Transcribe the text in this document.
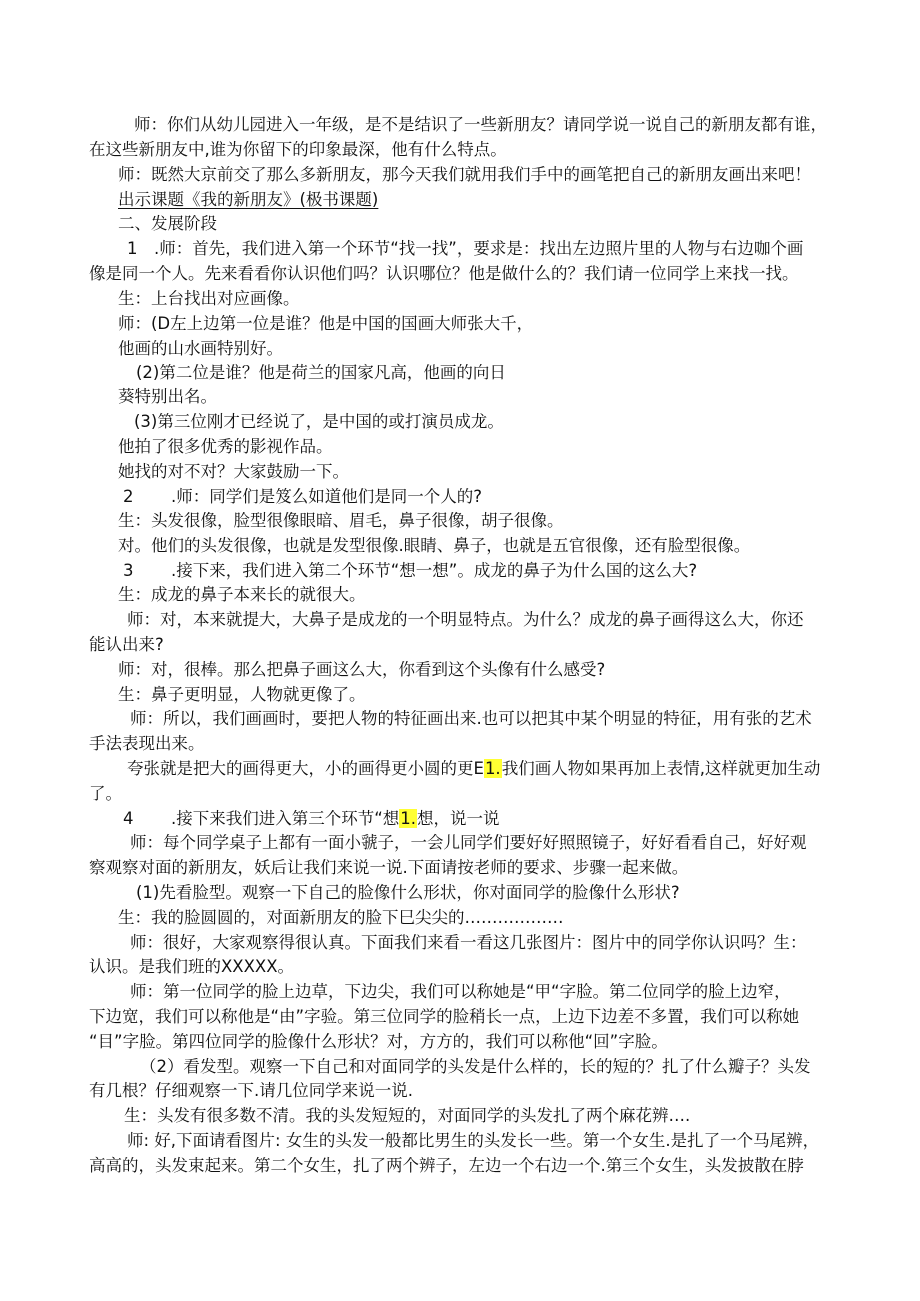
师：你们从幼儿园进入一年级，是不是结识了一些新朋友？请同学说一说自己的新朋友都有谁，
在这些新朋友中,谁为你留下的印象最深，他有什么特点。
师：既然大京前交了那么多新朋友，那今天我们就用我们手中的画笔把自己的新朋友画出来吧！
出示课题《我的新朋友》(极书课题)
二、发展阶段
1　.师：首先，我们进入第一个环节“找一找”，要求是：找出左边照片里的人物与右边咖个画
像是同一个人。先来看看你认识他们吗？认识哪位？他是做什么的？我们请一位同学上来找一找。
生：上台找出对应画像。
师：(D左上边第一位是谁？他是中国的国画大师张大千，
他画的山水画特别好。
(2)第二位是谁？他是荷兰的国家凡高，他画的向日
葵特别出名。
(3)第三位刚才已经说了，是中国的或打演员成龙。
他拍了很多优秀的影视作品。
她找的对不对？大家鼓励一下。
2 .师：同学们是笈么如道他们是同一个人的?
生：头发很像，脸型很像眼暗、眉毛，鼻子很像，胡子很像。
对。他们的头发很像，也就是发型很像.眼睛、鼻子，也就是五官很像，还有脸型很像。
3 .接下来，我们进入第二个环节“想一想”。成龙的鼻子为什么国的这么大?
生：成龙的鼻子本来长的就很大。
师：对，本来就提大，大鼻子是成龙的一个明显特点。为什么？成龙的鼻子画得这么大，你还
能认出来?
师：对，很棒。那么把鼻子画这么大，你看到这个头像有什么感受?
生：鼻子更明显，人物就更像了。
师：所以，我们画画时，要把人物的特征画出来.也可以把其中某个明显的特征，用有张的艺术
手法表现出来。
夸张就是把大的画得更大，小的画得更小圆的更E1.我们画人物如果再加上表情,这样就更加生动
了。
4 .接下来我们进入第三个环节“想1.想，说一说
师：每个同学桌子上都有一面小虢子，一会儿同学们要好好照照镜子，好好看看自己，好好观
察观察对面的新朋友，妖后让我们来说一说.下面请按老师的要求、步骤一起来做。
(1)先看脸型。观察一下自己的脸像什么形状，你对面同学的脸像什么形状?
生：我的脸圆圆的，对面新朋友的脸下巳尖尖的………………
师：很好，大家观察得很认真。下面我们来看一看这几张图片：图片中的同学你认识吗？生：
认识。是我们班的XXXXX。
师：第一位同学的脸上边草，下边尖，我们可以称她是“甲“字脸。第二位同学的脸上边窄，
下边宽，我们可以称他是“由”字验。第三位同学的脸稍长一点，上边下边差不多置，我们可以称她
“目”字脸。第四位同学的脸像什么形状？对，方方的，我们可以称他“回”字脸。
（2）看发型。观察一下自己和对面同学的头发是什么样的，长的短的？扎了什么瓣子？头发
有几根？仔细观察一下.请几位同学来说一说.
生：头发有很多数不清。我的头发短短的，对面同学的头发扎了两个麻花辨….
师: 好,下面请看图片: 女生的头发一般都比男生的头发长一些。第一个女生.是扎了一个马尾辨，
高高的，头发束起来。第二个女生，扎了两个辨子，左边一个右边一个.第三个女生，头发披散在脖
